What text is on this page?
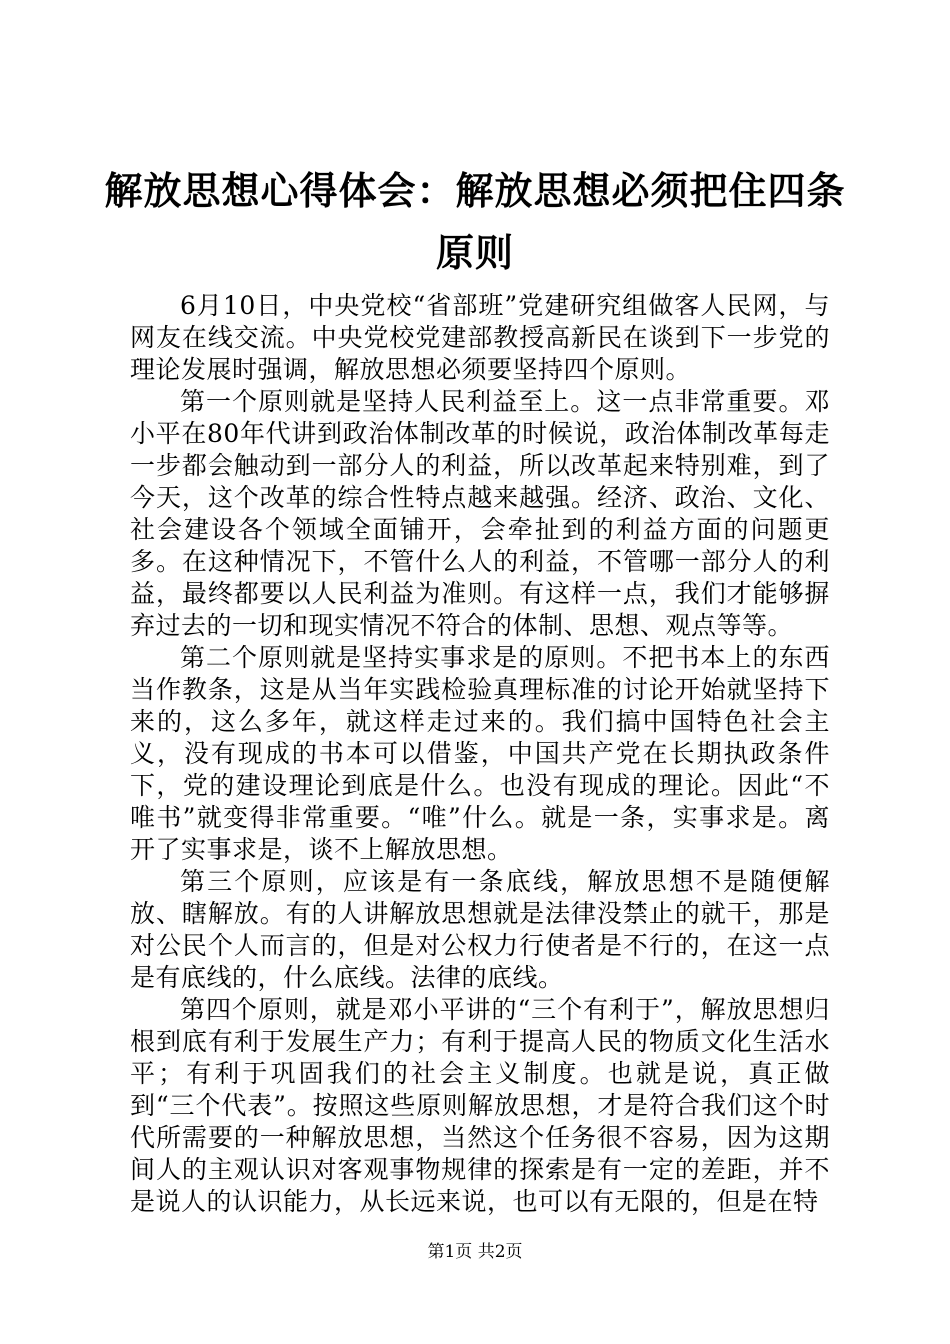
解放思想心得体会：解放思想必须把住四条原则

6月10日，中央党校“省部班”党建研究组做客人民网，与网友在线交流。中央党校党建部教授高新民在谈到下一步党的理论发展时强调，解放思想必须要坚持四个原则。

第一个原则就是坚持人民利益至上。这一点非常重要。邓小平在80年代讲到政治体制改革的时候说，政治体制改革每走一步都会触动到一部分人的利益，所以改革起来特别难，到了今天，这个改革的综合性特点越来越强。经济、政治、文化、社会建设各个领域全面铺开，会牵扯到的利益方面的问题更多。在这种情况下，不管什么人的利益，不管哪一部分人的利益，最终都要以人民利益为准则。有这样一点，我们才能够摒弃过去的一切和现实情况不符合的体制、思想、观点等等。

第二个原则就是坚持实事求是的原则。不把书本上的东西当作教条，这是从当年实践检验真理标准的讨论开始就坚持下来的，这么多年，就这样走过来的。我们搞中国特色社会主义，没有现成的书本可以借鉴，中国共产党在长期执政条件下，党的建设理论到底是什么。也没有现成的理论。因此“不唯书”就变得非常重要。“唯”什么。就是一条，实事求是。离开了实事求是，谈不上解放思想。

第三个原则，应该是有一条底线，解放思想不是随便解放、瞎解放。有的人讲解放思想就是法律没禁止的就干，那是对公民个人而言的，但是对公权力行使者是不行的，在这一点是有底线的，什么底线。法律的底线。

第四个原则，就是邓小平讲的“三个有利于”，解放思想归根到底有利于发展生产力；有利于提高人民的物质文化生活水平；有利于巩固我们的社会主义制度。也就是说，真正做到“三个代表”。按照这些原则解放思想，才是符合我们这个时代所需要的一种解放思想，当然这个任务很不容易，因为这期间人的主观认识对客观事物规律的探索是有一定的差距，并不是说人的认识能力，从长远来说，也可以有无限的，但是在特

第1页 共2页
